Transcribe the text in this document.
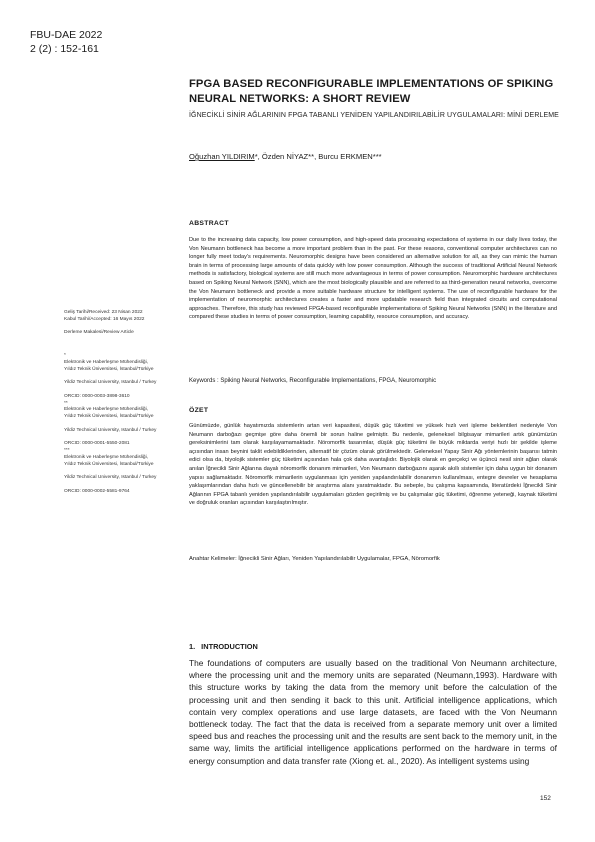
FBU-DAE 2022
2 (2) : 152-161
FPGA BASED RECONFIGURABLE IMPLEMENTATIONS OF SPIKING NEURAL NETWORKS: A SHORT REVIEW
İĞNECİKLİ SİNİR AĞLARININ FPGA TABANLI YENİDEN YAPILANDIRILABİLİR UYGULAMALARI: MİNİ DERLEME
Oğuzhan YILDIRIM*, Özden NİYAZ**, Burcu ERKMEN***
ABSTRACT
Due to the increasing data capacity, low power consumption, and high-speed data processing expectations of systems in our daily lives today, the Von Neumann bottleneck has become a more important problem than in the past. For these reasons, conventional computer architectures can no longer fully meet today's requirements. Neuromorphic designs have been considered an alternative solution for all, as they can mimic the human brain in terms of processing large amounts of data quickly with low power consumption. Although the success of traditional Artificial Neural Network methods is satisfactory, biological systems are still much more advantageous in terms of power consumption. Neuromorphic hardware architectures based on Spiking Neural Network (SNN), which are the most biologically plausible and are referred to as third-generation neural networks, overcome the Von Neumann bottleneck and provide a more suitable hardware structure for intelligent systems. The use of reconfigurable hardware for the implementation of neuromorphic architectures creates a faster and more updatable research field than integrated circuits and computational approaches. Therefore, this study has reviewed FPGA-based reconfigurable implementations of Spiking Neural Networks (SNN) in the literature and compared these studies in terms of power consumption, learning capability, resource consumption, and accuracy.
Keywords : Spiking Neural Networks, Reconfigurable Implementations, FPGA, Neuromorphic
ÖZET
Günümüzde, günlük hayatımızda sistemlerin artan veri kapasitesi, düşük güç tüketimi ve yüksek hızlı veri işleme beklentileri nedeniyle Von Neumann darboğazı geçmişe göre daha önemli bir sorun haline gelmiştir. Bu nedenle, geleneksel bilgisayar mimarileri artık günümüzün gereksinimlerini tam olarak karşılayamamaktadır. Nöromorfik tasarımlar, düşük güç tüketimi ile büyük miktarda veriyi hızlı bir şekilde işleme açısından insan beynini taklit edebildiklerinden, alternatif bir çözüm olarak görülmektedir. Geleneksel Yapay Sinir Ağı yöntemlerinin başarısı tatmin edici olsa da, biyolojik sistemler güç tüketimi açısından hala çok daha avantajlıdır. Biyolojik olarak en gerçekçi ve üçüncü nesil sinir ağları olarak anılan İğnecikli Sinir Ağlarına dayalı nöromorfik donanım mimarileri, Von Neumann darboğazını aşarak akıllı sistemler için daha uygun bir donanım yapısı sağlamaktadır. Nöromorfik mimarilerin uygulanması için yeniden yapılandırılabilir donanımın kullanılması, entegre devreler ve hesaplama yaklaşımlarından daha hızlı ve güncellenebilir bir araştırma alanı yaratmaktadır. Bu sebeple, bu çalışma kapsamında, literatürdeki İğnecikli Sinir Ağlarının FPGA tabanlı yeniden yapılandırılabilir uygulamaları gözden geçirilmiş ve bu çalışmalar güç tüketimi, öğrenme yeteneği, kaynak tüketimi ve doğruluk oranları açısından karşılaştırılmıştır.
Anahtar Kelimeler: İğnecikli Sinir Ağları, Yeniden Yapılandırılabilir Uygulamalar, FPGA, Nöromorfik
Geliş Tarihi/Received: 23 Nisan 2022
Kabul Tarihi/Accepted: 16 Mayıs 2022
Derleme Makalesi/Review Article
*
Elektronik ve Haberleşme Mühendisliği, Yıldız Teknik Üniversitesi, İstanbul/Türkiye
Yildiz Technical University, Istanbul / Turkey
ORCID: 0000-0003-3898-3610
**
Elektronik ve Haberleşme Mühendisliği, Yıldız Teknik Üniversitesi, İstanbul/Türkiye
Yildiz Technical University, Istanbul / Turkey
ORCID: 0000-0001-5550-2081
***
Elektronik ve Haberleşme Mühendisliği, Yıldız Teknik Üniversitesi, İstanbul/Türkiye
Yildiz Technical University, Istanbul / Turkey
ORCID: 0000-0002-5581-9764
1. INTRODUCTION
The foundations of computers are usually based on the traditional Von Neumann architecture, where the processing unit and the memory units are separated (Neumann,1993). Hardware with this structure works by taking the data from the memory unit before the calculation of the processing unit and then sending it back to this unit. Artificial intelligence applications, which contain very complex operations and use large datasets, are faced with the Von Neumann bottleneck today. The fact that the data is received from a separate memory unit over a limited speed bus and reaches the processing unit and the results are sent back to the memory unit, in the same way, limits the artificial intelligence applications performed on the hardware in terms of energy consumption and data transfer rate (Xiong et. al., 2020). As intelligent systems using
152
